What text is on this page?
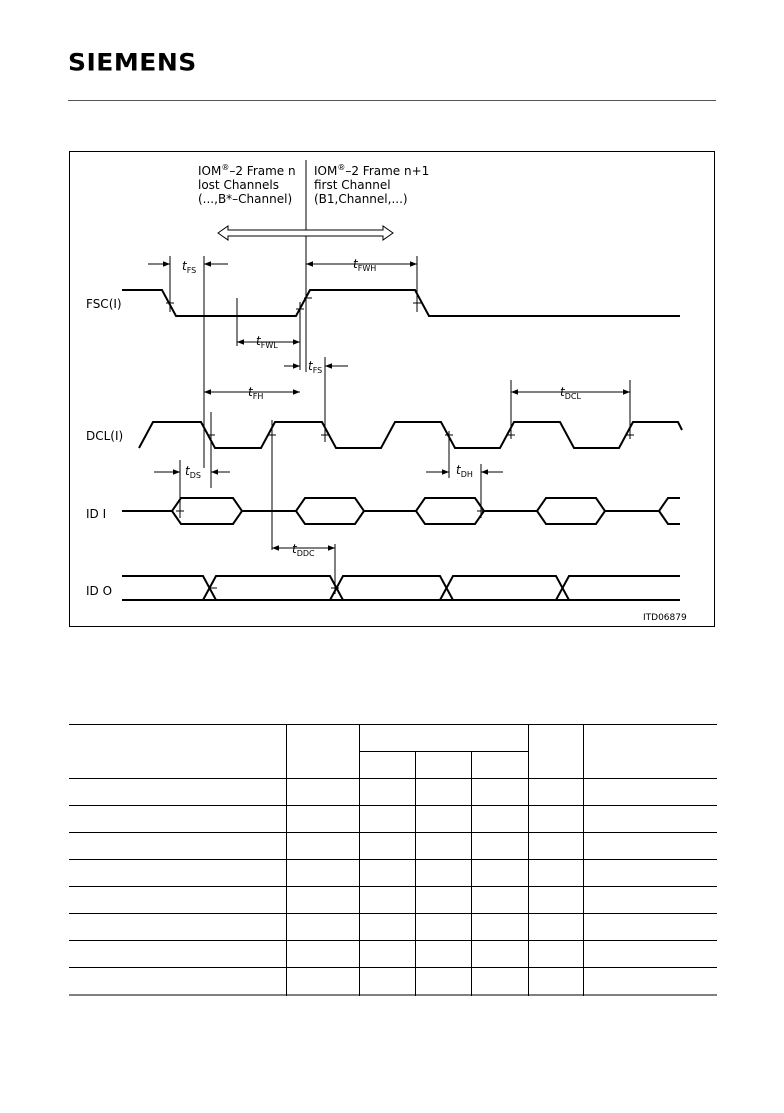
SIEMENS
IOM®–2 Frame n
lost Channels
(...,B*–Channel)
IOM®–2 Frame n+1
first Channel
(B1,Channel,...)
FSC(I)
DCL(I)
ID I
ID O
$t_{FS}$	$t_{FWH}$
$t_{FWL}$
$t_{FS}$
$t_{FH}$	$t_{DCL}$
$t_{DS}$	$t_{DH}$
$t_{DDC}$
ITD06879
